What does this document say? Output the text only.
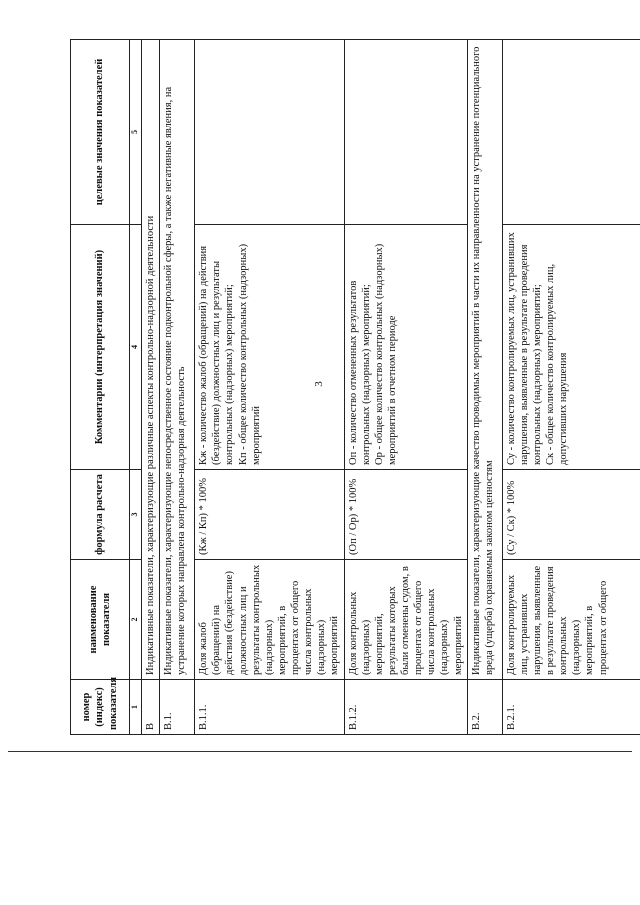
3
номер (индекс) показателя	наименование показателя	формула расчета	Комментарии (интерпретация значений)	целевые значения показателей
1	2	3	4	5
В	Индикативные показатели, характеризующие различные аспекты контрольно-надзорной деятельности			
В.1.	Индикативные показатели, характеризующие непосредственное состояние подконтрольной сферы, а также негативные явления, на устранение которых направлена контрольно-надзорная деятельность			
В.1.1.	Доля жалоб (обращений) на действия (бездействие) должностных лиц и результаты контрольных (надзорных) мероприятий, в процентах от общего числа контрольных (надзорных) мероприятий	(Кж / Кп) * 100%	Кж - количество жалоб (обращений) на действия (бездействие) должностных лиц и результаты контрольных (надзорных) мероприятий;
Кп - общее количество контрольных (надзорных) мероприятий	
В.1.2.	Доля контрольных (надзорных) мероприятий, результаты которых были отменены судом, в процентах от общего числа контрольных (надзорных) мероприятий	(Оп / Ор) * 100%	Оп - количество отмененных результатов контрольных (надзорных) мероприятий;
Ор - общее количество контрольных (надзорных) мероприятий в отчетном периоде	
В.2.	Индикативные показатели, характеризующие качество проводимых мероприятий в части их направленности на устранение потенциального вреда (ущерба) охраняемым законом ценностям			
В.2.1.	Доля контролируемых лиц, устранивших нарушения, выявленные в результате проведения контрольных (надзорных) мероприятий, в процентах от общего	(Су / Ск) * 100%	Су - количество контролируемых лиц, устранивших нарушения, выявленные в результате проведения контрольных (надзорных) мероприятий;
Ск - общее количество контролируемых лиц, допустивших нарушения	
